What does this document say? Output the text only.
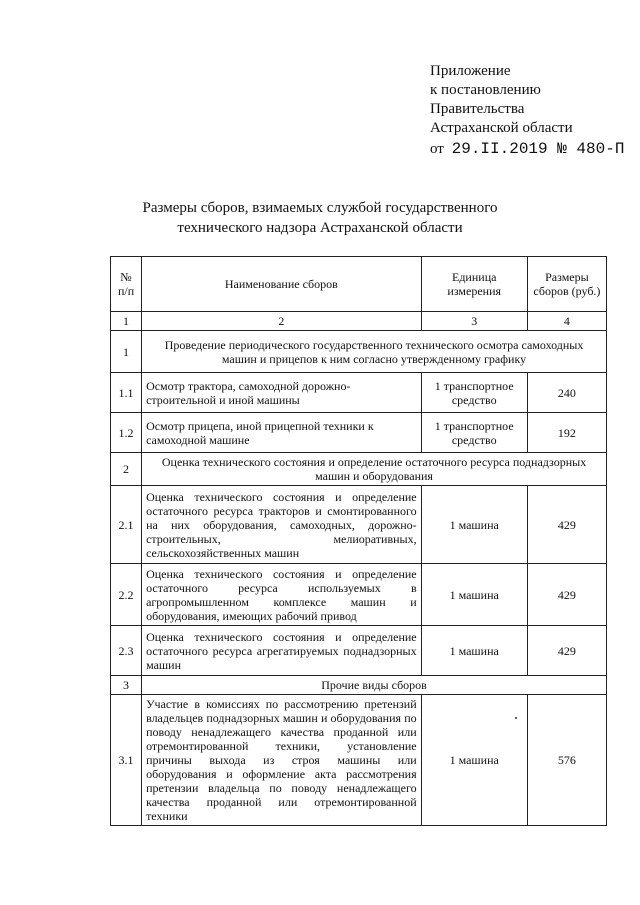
Приложение
к постановлению
Правительства
Астраханской области
от 29.II.2019 № 480-П
Размеры сборов, взимаемых службой государственного
технического надзора Астраханской области
№ п/п	Наименование сборов	Единица измерения	Размеры сборов (руб.)
1	2	3	4
1	Проведение периодического государственного технического осмотра самоходных машин и прицепов к ним согласно утвержденному графику		
1.1	Осмотр трактора, самоходной дорожно-строительной и иной машины	1 транспортное средство	240
1.2	Осмотр прицепа, иной прицепной техники к самоходной машине	1 транспортное средство	192
2	Оценка технического состояния и определение остаточного ресурса поднадзорных машин и оборудования		
2.1	Оценка технического состояния и определение остаточного ресурса тракторов и смонтированного на них оборудования, самоходных, дорожно-строительных, мелиоративных, сельскохозяйственных машин	1 машина	429
2.2	Оценка технического состояния и определение остаточного ресурса используемых в агропромышленном комплексе машин и оборудования, имеющих рабочий привод	1 машина	429
2.3	Оценка технического состояния и определение остаточного ресурса агрегатируемых поднадзорных машин	1 машина	429
3	Прочие виды сборов		
3.1	Участие в комиссиях по рассмотрению претензий владельцев поднадзорных машин и оборудования по поводу ненадлежащего качества проданной или отремонтированной техники, установление причины выхода из строя машины или оборудования и оформление акта рассмотрения претензии владельца по поводу ненадлежащего качества проданной или отремонтированной техники	1 машина	576
